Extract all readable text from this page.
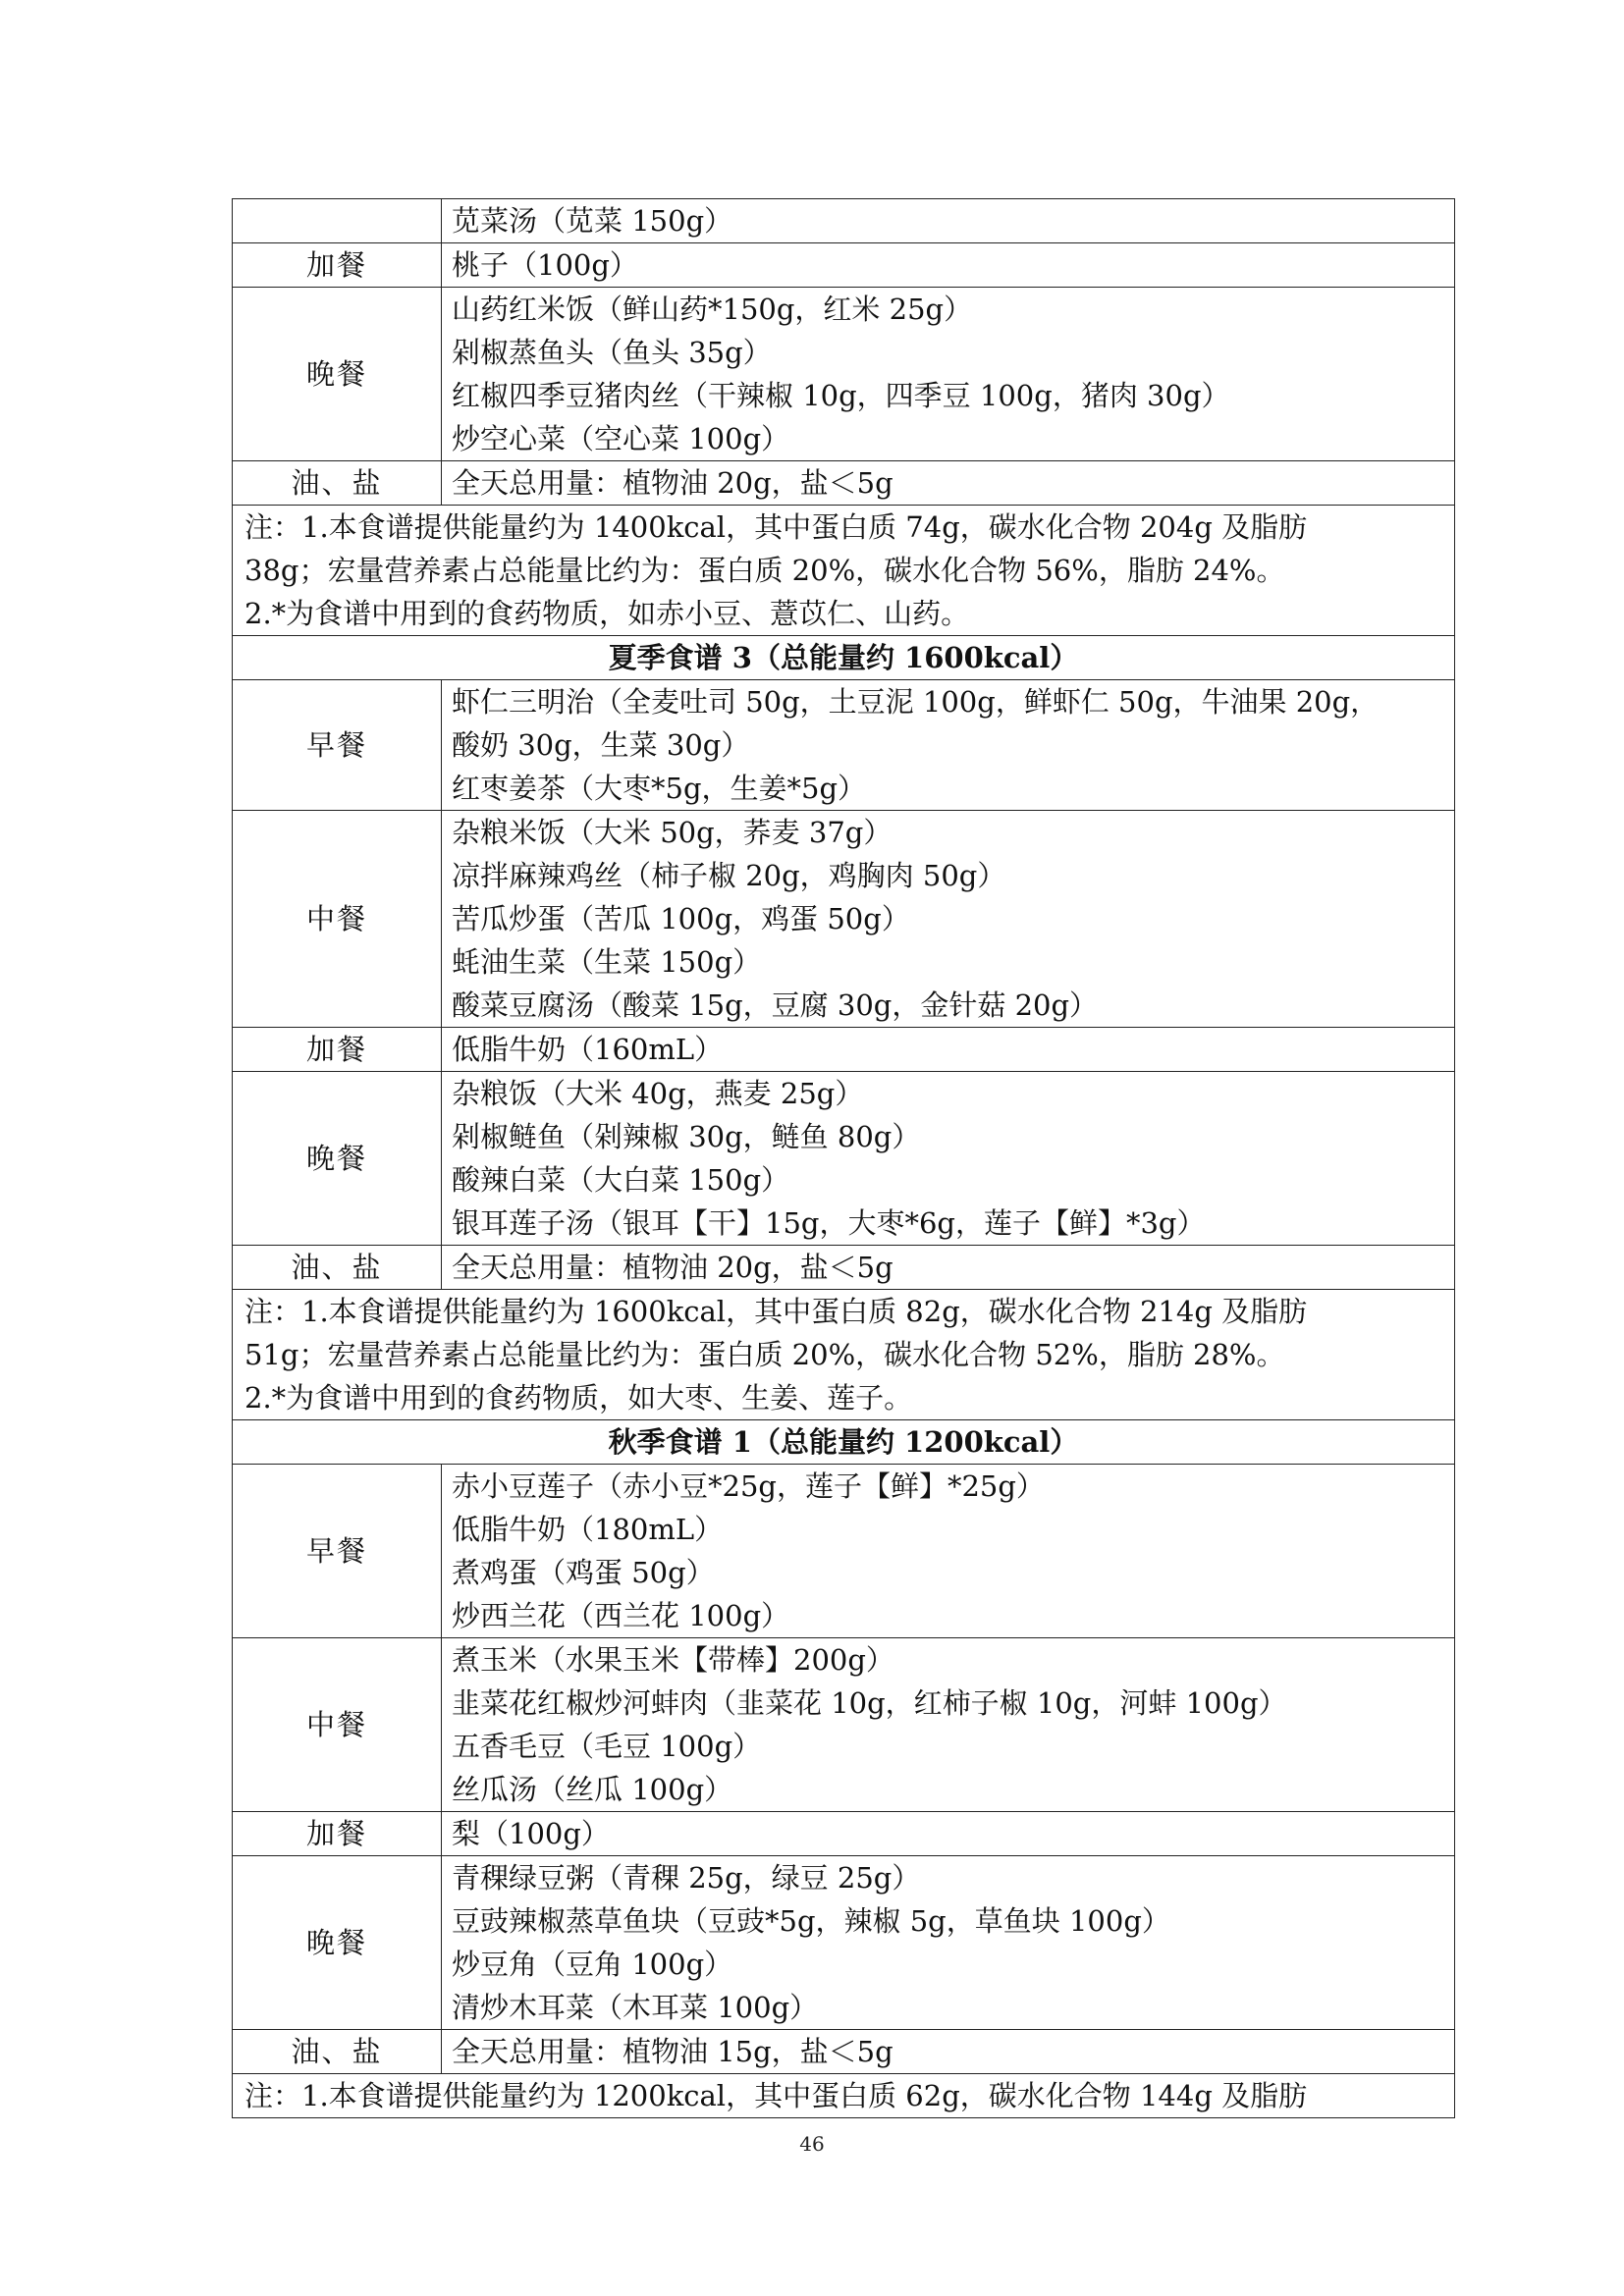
	苋菜汤（苋菜 150g）

加餐	桃子（100g）

晚餐	山药红米饭（鲜山药*150g，红米 25g）
剁椒蒸鱼头（鱼头 35g）
红椒四季豆猪肉丝（干辣椒 10g，四季豆 100g，猪肉 30g）
炒空心菜（空心菜 100g）

油、盐	全天总用量：植物油 20g，盐＜5g

注：1.本食谱提供能量约为 1400kcal，其中蛋白质 74g，碳水化合物 204g 及脂肪
38g；宏量营养素占总能量比约为：蛋白质 20%，碳水化合物 56%，脂肪 24%。
2.*为食谱中用到的食药物质，如赤小豆、薏苡仁、山药。	

夏季食谱 3（总能量约 1600kcal）	
早餐	虾仁三明治（全麦吐司 50g，土豆泥 100g，鲜虾仁 50g，牛油果 20g，
酸奶 30g，生菜 30g）
红枣姜茶（大枣*5g，生姜*5g）

中餐	杂粮米饭（大米 50g，荞麦 37g）
凉拌麻辣鸡丝（柿子椒 20g，鸡胸肉 50g）
苦瓜炒蛋（苦瓜 100g，鸡蛋 50g）
蚝油生菜（生菜 150g）
酸菜豆腐汤（酸菜 15g，豆腐 30g，金针菇 20g）

加餐	低脂牛奶（160mL）

晚餐	杂粮饭（大米 40g，燕麦 25g）
剁椒鲢鱼（剁辣椒 30g，鲢鱼 80g）
酸辣白菜（大白菜 150g）
银耳莲子汤（银耳【干】15g，大枣*6g，莲子【鲜】*3g）

油、盐	全天总用量：植物油 20g，盐＜5g

注：1.本食谱提供能量约为 1600kcal，其中蛋白质 82g，碳水化合物 214g 及脂肪
51g；宏量营养素占总能量比约为：蛋白质 20%，碳水化合物 52%，脂肪 28%。
2.*为食谱中用到的食药物质，如大枣、生姜、莲子。	

秋季食谱 1（总能量约 1200kcal）	
早餐	赤小豆莲子（赤小豆*25g，莲子【鲜】*25g）
低脂牛奶（180mL）
煮鸡蛋（鸡蛋 50g）
炒西兰花（西兰花 100g）

中餐	煮玉米（水果玉米【带棒】200g）
韭菜花红椒炒河蚌肉（韭菜花 10g，红柿子椒 10g，河蚌 100g）
五香毛豆（毛豆 100g）
丝瓜汤（丝瓜 100g）

加餐	梨（100g）

晚餐	青稞绿豆粥（青稞 25g，绿豆 25g）
豆豉辣椒蒸草鱼块（豆豉*5g，辣椒 5g，草鱼块 100g）
炒豆角（豆角 100g）
清炒木耳菜（木耳菜 100g）

油、盐	全天总用量：植物油 15g，盐＜5g

注：1.本食谱提供能量约为 1200kcal，其中蛋白质 62g，碳水化合物 144g 及脂肪	
46
